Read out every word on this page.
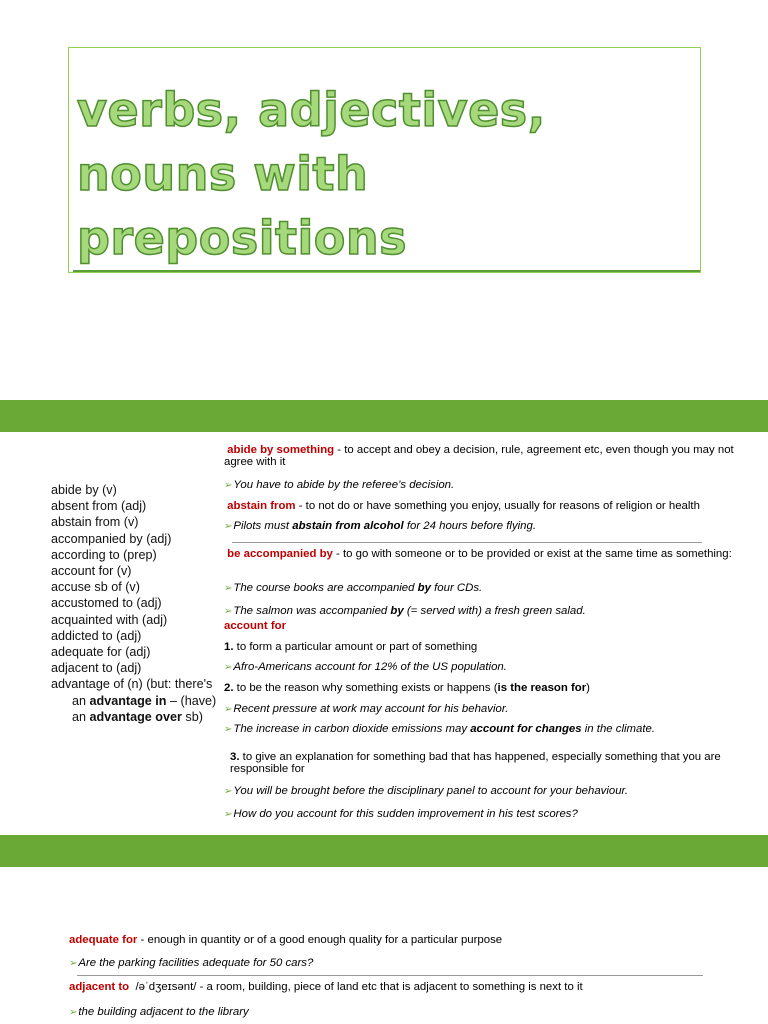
verbs, adjectives,
nouns with
prepositions
abide by (v)
absent from (adj)
abstain from (v)
accompanied by (adj)
according to (prep)
account for (v)
accuse sb of (v)
accustomed to (adj)
acquainted with (adj)
addicted to (adj)
adequate for (adj)
adjacent to (adj)
advantage of (n) (but: there's
an advantage in – (have)
an advantage over sb)

abide by something - to accept and obey a decision, rule, agreement etc, even though you may not agree with it

➢You have to abide by the referee’s decision.

abstain from - to not do or have something you enjoy, usually for reasons of religion or health

➢Pilots must abstain from alcohol for 24 hours before flying.

be accompanied by - to go with someone or to be provided or exist at the same time as something:

➢The course books are accompanied by four CDs.

➢The salmon was accompanied by (= served with) a fresh green salad.

account for

1. to form a particular amount or part of something

➢Afro-Americans account for 12% of the US population.

2. to be the reason why something exists or happens (is the reason for)

➢Recent pressure at work may account for his behavior.

➢The increase in carbon dioxide emissions may account for changes in the climate.

3. to give an explanation for something bad that has happened, especially something that you are responsible for

➢You will be brought before the disciplinary panel to account for your behaviour.

➢How do you account for this sudden improvement in his test scores?

adequate for - enough in quantity or of a good enough quality for a particular purpose

➢Are the parking facilities adequate for 50 cars?

adjacent to /əˈdʒeɪsənt/ - a room, building, piece of land etc that is adjacent to something is next to it

➢the building adjacent to the library
